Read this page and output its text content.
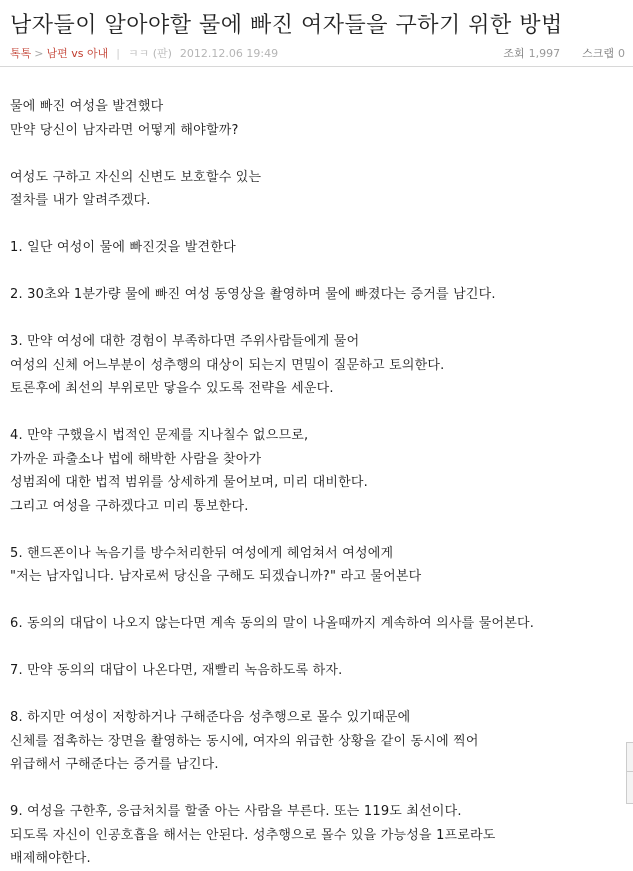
남자들이 알아야할 물에 빠진 여자들을 구하기 위한 방법
톡톡 > 남편 vs 아내 | ㅋㅋ (판) 2012.12.06 19:49	조회 1,997 스크랩 0
물에 빠진 여성을 발견했다
만약 당신이 남자라면 어떻게 해야할까?
여성도 구하고 자신의 신변도 보호할수 있는
절차를 내가 알려주겠다.
1. 일단 여성이 물에 빠진것을 발견한다
2. 30초와 1분가량 물에 빠진 여성 동영상을 촬영하며 물에 빠졌다는 증거를 남긴다.
3. 만약 여성에 대한 경험이 부족하다면 주위사람들에게 물어
여성의 신체 어느부분이 성추행의 대상이 되는지 면밀이 질문하고 토의한다.
토론후에 최선의 부위로만 닿을수 있도록 전략을 세운다.
4. 만약 구했을시 법적인 문제를 지나칠수 없으므로,
가까운 파출소나 법에 해박한 사람을 찾아가
성범죄에 대한 법적 범위를 상세하게 물어보며, 미리 대비한다.
그리고 여성을 구하겠다고 미리 통보한다.
5. 핸드폰이나 녹음기를 방수처리한뒤 여성에게 헤엄쳐서 여성에게
"저는 남자입니다. 남자로써 당신을 구해도 되겠습니까?" 라고 물어본다
6. 동의의 대답이 나오지 않는다면 계속 동의의 말이 나올때까지 계속하여 의사를 물어본다.
7. 만약 동의의 대답이 나온다면, 재빨리 녹음하도록 하자.
8. 하지만 여성이 저항하거나 구해준다음 성추행으로 몰수 있기때문에
신체를 접촉하는 장면을 촬영하는 동시에, 여자의 위급한 상황을 같이 동시에 찍어
위급해서 구해준다는 증거를 남긴다.
9. 여성을 구한후, 응급처치를 할줄 아는 사람을 부른다. 또는 119도 최선이다.
되도록 자신이 인공호흡을 해서는 안된다. 성추행으로 몰수 있을 가능성을 1프로라도
배제해야한다.
